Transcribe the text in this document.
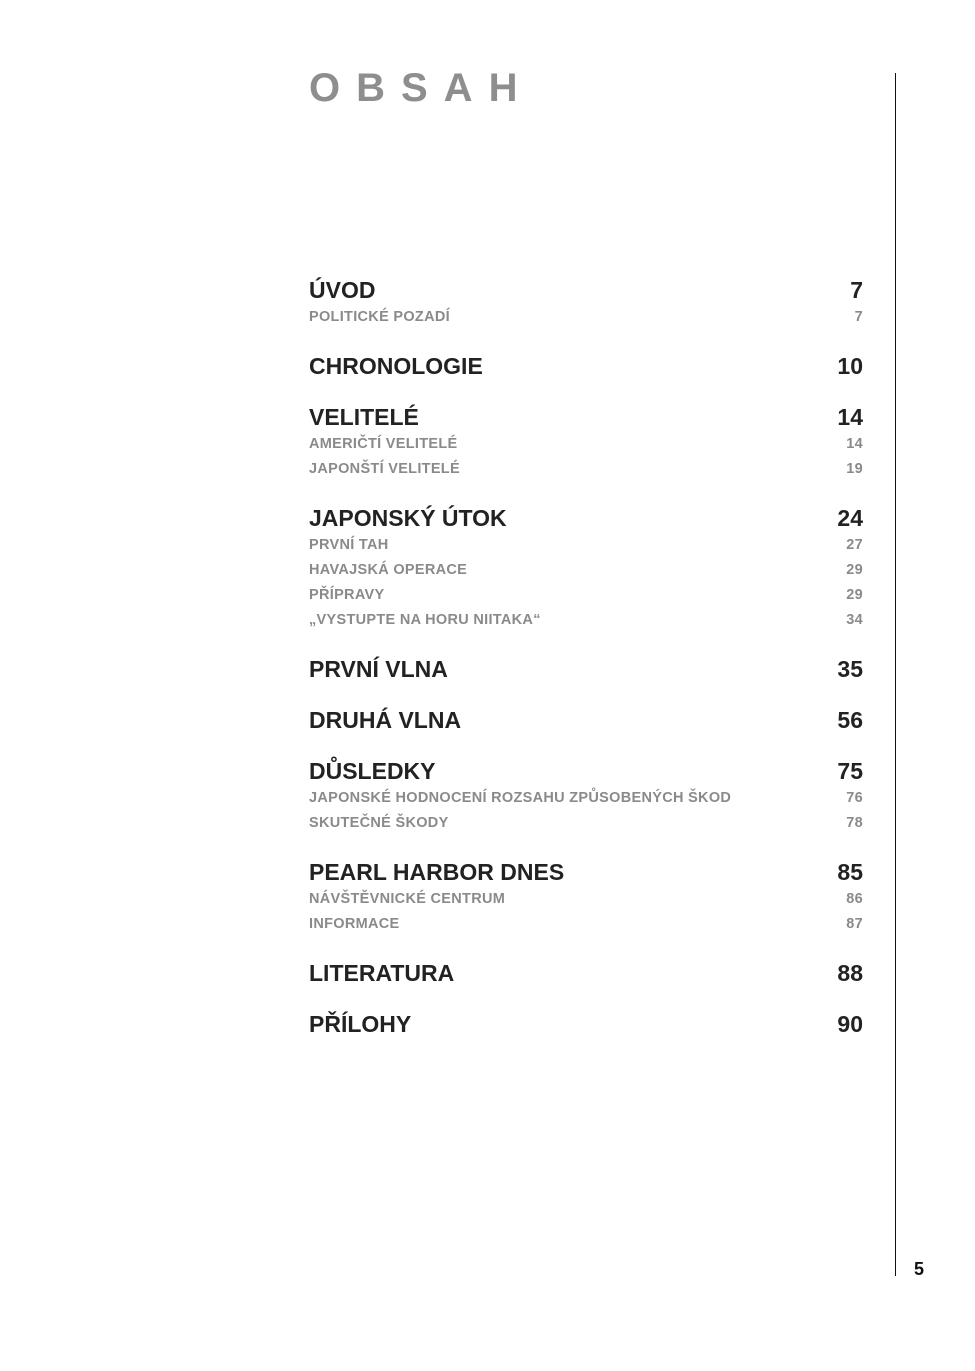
OBSAH
5
ÚVOD	7
POLITICKÉ POZADÍ	7
CHRONOLOGIE	10
VELITELÉ	14
AMERIČTÍ VELITELÉ	14
JAPONŠTÍ VELITELÉ	19
JAPONSKÝ ÚTOK	24
PRVNÍ TAH	27
HAVAJSKÁ OPERACE	29
PŘÍPRAVY	29
„VYSTUPTE NA HORU NIITAKA“	34
PRVNÍ VLNA	35
DRUHÁ VLNA	56
DŮSLEDKY	75
JAPONSKÉ HODNOCENÍ ROZSAHU ZPŮSOBENÝCH ŠKOD	76
SKUTEČNÉ ŠKODY	78
PEARL HARBOR DNES	85
NÁVŠTĚVNICKÉ CENTRUM	86
INFORMACE	87
LITERATURA	88
PŘÍLOHY	90
